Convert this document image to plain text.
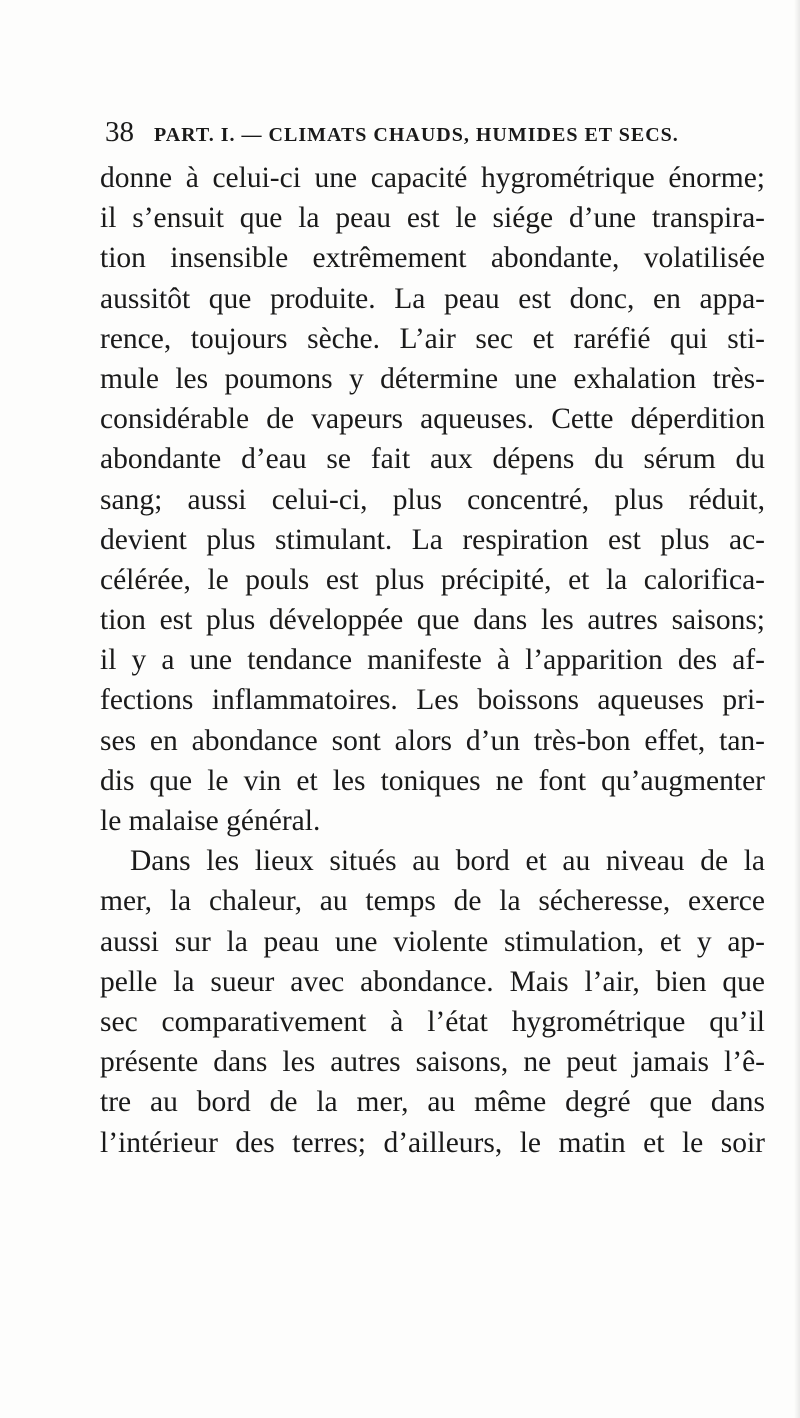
38 PART. I. — CLIMATS CHAUDS, HUMIDES ET SECS.
donne à celui-ci une capacité hygrométrique énorme;
il s’ensuit que la peau est le siége d’une transpira-
tion insensible extrêmement abondante, volatilisée
aussitôt que produite. La peau est donc, en appa-
rence, toujours sèche. L’air sec et raréfié qui sti-
mule les poumons y détermine une exhalation très-
considérable de vapeurs aqueuses. Cette déperdition
abondante d’eau se fait aux dépens du sérum du
sang; aussi celui-ci, plus concentré, plus réduit,
devient plus stimulant. La respiration est plus ac-
célérée, le pouls est plus précipité, et la calorifica-
tion est plus développée que dans les autres saisons;
il y a une tendance manifeste à l’apparition des af-
fections inflammatoires. Les boissons aqueuses pri-
ses en abondance sont alors d’un très-bon effet, tan-
dis que le vin et les toniques ne font qu’augmenter
le malaise général.
Dans les lieux situés au bord et au niveau de la
mer, la chaleur, au temps de la sécheresse, exerce
aussi sur la peau une violente stimulation, et y ap-
pelle la sueur avec abondance. Mais l’air, bien que
sec comparativement à l’état hygrométrique qu’il
présente dans les autres saisons, ne peut jamais l’ê-
tre au bord de la mer, au même degré que dans
l’intérieur des terres; d’ailleurs, le matin et le soir
